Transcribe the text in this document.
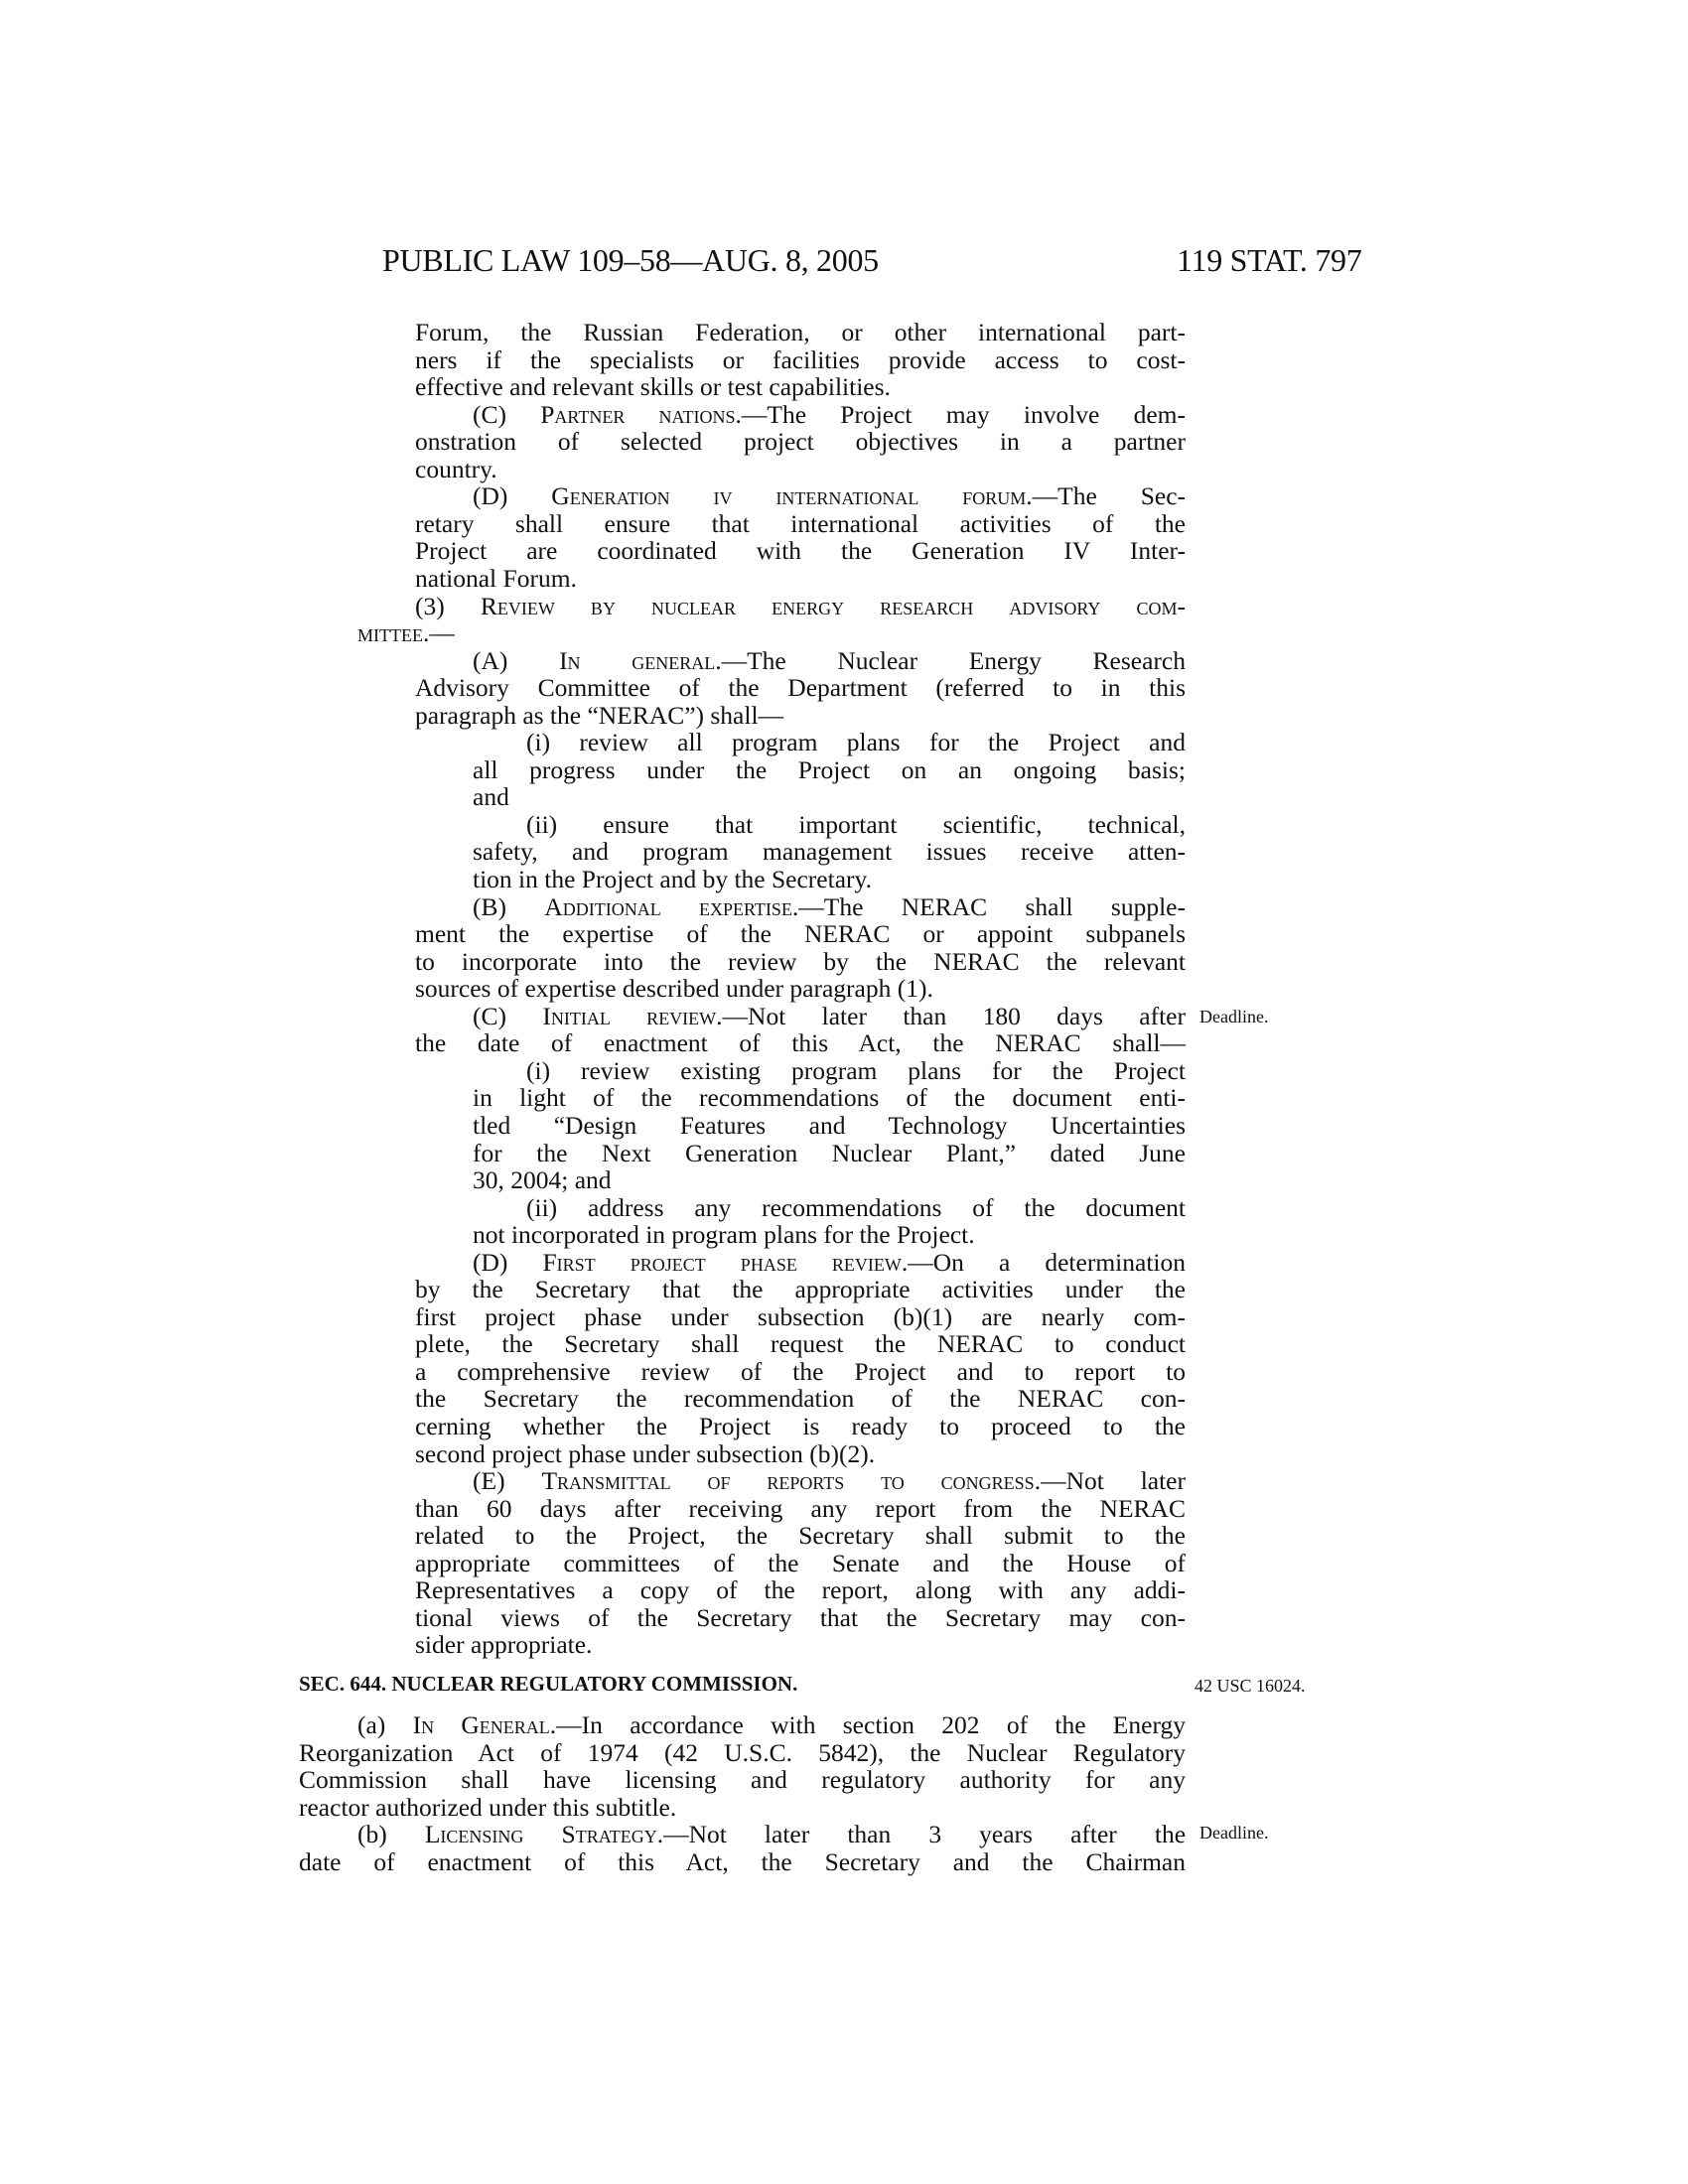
PUBLIC LAW 109–58—AUG. 8, 2005	119 STAT. 797
Forum, the Russian Federation, or other international part-
ners if the specialists or facilities provide access to cost-
effective and relevant skills or test capabilities.
(C) Partner nations.—The Project may involve dem-
onstration of selected project objectives in a partner
country.
(D) Generation iv international forum.—The Sec-
retary shall ensure that international activities of the
Project are coordinated with the Generation IV Inter-
national Forum.
(3) Review by nuclear energy research advisory com-
mittee.—
(A) In general.—The Nuclear Energy Research
Advisory Committee of the Department (referred to in this
paragraph as the “NERAC”) shall—
(i) review all program plans for the Project and
all progress under the Project on an ongoing basis;
and
(ii) ensure that important scientific, technical,
safety, and program management issues receive atten-
tion in the Project and by the Secretary.
(B) Additional expertise.—The NERAC shall supple-
ment the expertise of the NERAC or appoint subpanels
to incorporate into the review by the NERAC the relevant
sources of expertise described under paragraph (1).
(C) Initial review.—Not later than 180 days after
the date of enactment of this Act, the NERAC shall—
(i) review existing program plans for the Project
in light of the recommendations of the document enti-
tled “Design Features and Technology Uncertainties
for the Next Generation Nuclear Plant,” dated June
30, 2004; and
(ii) address any recommendations of the document
not incorporated in program plans for the Project.
(D) First project phase review.—On a determination
by the Secretary that the appropriate activities under the
first project phase under subsection (b)(1) are nearly com-
plete, the Secretary shall request the NERAC to conduct
a comprehensive review of the Project and to report to
the Secretary the recommendation of the NERAC con-
cerning whether the Project is ready to proceed to the
second project phase under subsection (b)(2).
(E) Transmittal of reports to congress.—Not later
than 60 days after receiving any report from the NERAC
related to the Project, the Secretary shall submit to the
appropriate committees of the Senate and the House of
Representatives a copy of the report, along with any addi-
tional views of the Secretary that the Secretary may con-
sider appropriate.
SEC. 644. NUCLEAR REGULATORY COMMISSION.
(a) In General.—In accordance with section 202 of the Energy
Reorganization Act of 1974 (42 U.S.C. 5842), the Nuclear Regulatory
Commission shall have licensing and regulatory authority for any
reactor authorized under this subtitle.
(b) Licensing Strategy.—Not later than 3 years after the
date of enactment of this Act, the Secretary and the Chairman
Deadline.
42 USC 16024.
Deadline.
